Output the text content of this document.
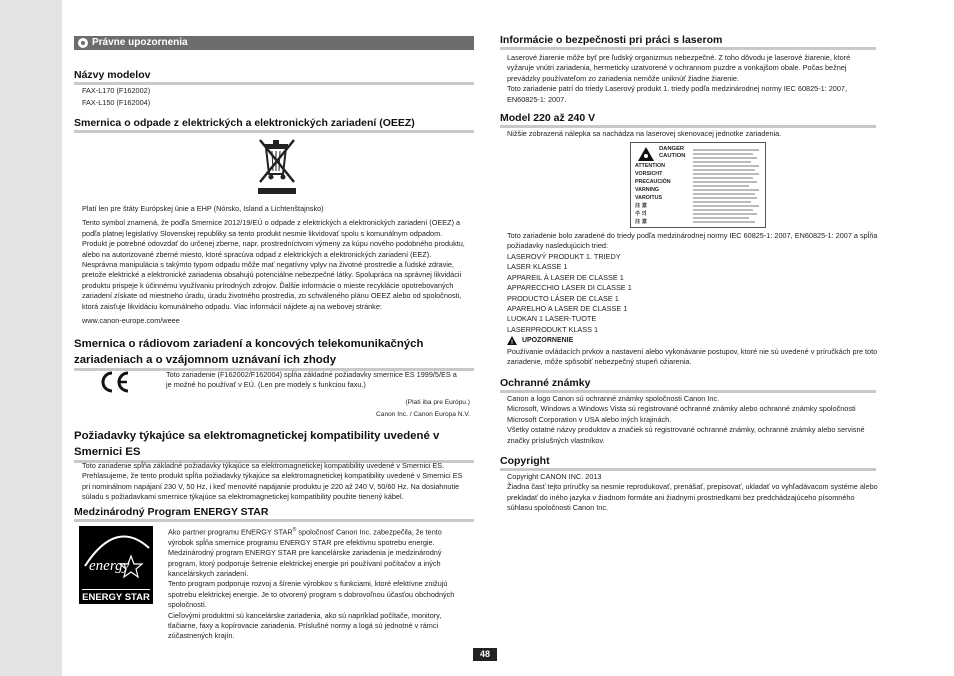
Právne upozornenia
Názvy modelov
FAX-L170 (F162002)
FAX-L150 (F162004)
Smernica o odpade z elektrických a elektronických zariadení (OEEZ)

Platí len pre štáty Európskej únie a EHP (Nórsko, Island a Lichtenštajnsko)

Tento symbol znamená, že podľa Smernice 2012/19/EÚ o odpade z elektrických a elektronických zariadení (OEEZ) a podľa platnej legislatívy Slovenskej republiky sa tento produkt nesmie likvidovať spolu s komunálnym odpadom. Produkt je potrebné odovzdať do určenej zberne, napr. prostredníctvom výmeny za kúpu nového podobného produktu, alebo na autorizované zberné miesto, ktoré spracúva odpad z elektrických a elektronických zariadení (EEZ).

Nesprávna manipulácia s takýmto typom odpadu môže mať negatívny vplyv na životné prostredie a ľudské zdravie, pretože elektrické a elektronické zariadenia obsahujú potenciálne nebezpečné látky. Spolupráca na správnej likvidácii produktu prispeje k účinnému využívaniu prírodných zdrojov. Ďalšie informácie o mieste recyklácie opotrebovaných zariadení získate od miestneho úradu, úradu životného prostredia, zo schváleného plánu OEEZ alebo od spoločnosti, ktorá zaisťuje likvidáciu komunálneho odpadu. Viac informácií nájdete aj na webovej stránke:

www.canon-europe.com/weee

Smernica o rádiovom zariadení a koncových telekomunikačných zariadeniach a o vzájomnom uznávaní ich zhody
Toto zariadenie (F162002/F162004) spĺňa základné požiadavky smernice ES 1999/5/ES a je možné ho používať v EÚ. (Len pre modely s funkciou faxu.)
(Platí iba pre Európu.)
Canon Inc. / Canon Europa N.V.
Požiadavky týkajúce sa elektromagnetickej kompatibility uvedené v Smernici ES
Toto zariadenie spĺňa základné požiadavky týkajúce sa elektromagnetickej kompatibility uvedené v Smernici ES. Prehlasujeme, že tento produkt spĺňa požiadavky týkajúce sa elektromagnetickej kompatibility uvedené v Smernici ES pri nominálnom napájaní 230 V, 50 Hz, i keď menovité napájanie produktu je 220 až 240 V, 50/60 Hz. Na dosiahnutie súladu s požiadavkami smernice týkajúce sa elektromagnetickej kompatibility použite tienený kábel.
Medzinárodný Program ENERGY STAR
energy
ENERGY STAR

Ako partner programu ENERGY STAR® spoločnosť Canon Inc. zabezpečila, že tento výrobok spĺňa smernice programu ENERGY STAR pre efektívnu spotrebu energie.

Medzinárodný program ENERGY STAR pre kancelárske zariadenia je medzinárodný program, ktorý podporuje šetrenie elektrickej energie pri používaní počítačov a iných kancelárskych zariadení.

Tento program podporuje rozvoj a šírenie výrobkov s funkciami, ktoré efektívne znižujú spotrebu elektrickej energie. Je to otvorený program s dobrovoľnou účasťou obchodných spoločností.

Cieľovými produktmi sú kancelárske zariadenia, ako sú napríklad počítače, monitory, tlačiarne, faxy a kopírovacie zariadenia. Príslušné normy a logá sú jednotné v rámci zúčastnených krajín.

Informácie o bezpečnosti pri práci s laserom

Laserové žiarenie môže byť pre ľudský organizmus nebezpečné. Z toho dôvodu je laserové žiarenie, ktoré vyžaruje vnútri zariadenia, hermeticky uzatvorené v ochrannom puzdre a vonkajšom obale. Počas bežnej prevádzky používateľom zo zariadenia nemôže uniknúť žiadne žiarenie.

Toto zariadenie patrí do triedy Laserový produkt 1. triedy podľa medzinárodnej normy IEC 60825-1: 2007, EN60825-1: 2007.

Model 220 až 240 V
Nižšie zobrazená nálepka sa nachádza na laserovej skenovacej jednotke zariadenia.
DANGER
CAUTION
ATTENTION
VORSICHT
PRECAUCIÓN
VARNING
VAROITUS
注 意
주 의
注 意
Toto zariadenie bolo zaradené do triedy podľa medzinárodnej normy IEC 60825-1: 2007, EN60825-1: 2007 a spĺňa požiadavky nasledujúcich tried:
LASEROVÝ PRODUKT 1. TRIEDY
LASER KLASSE 1
APPAREIL À LASER DE CLASSE 1
APPARECCHIO LASER DI CLASSE 1
PRODUCTO LÁSER DE CLASE 1
APARELHO A LASER DE CLASSE 1
LUOKAN 1 LASER-TUOTE
LASERPRODUKT KLASS 1
! UPOZORNENIE
Používanie ovládacích prvkov a nastavení alebo vykonávanie postupov, ktoré nie sú uvedené v príručkách pre toto zariadenie, môže spôsobiť nebezpečný stupeň ožiarenia.
Ochranné známky

Canon a logo Canon sú ochranné známky spoločnosti Canon Inc.

Microsoft, Windows a Windows Vista sú registrované ochranné známky alebo ochranné známky spoločnosti Microsoft Corporation v USA alebo iných krajinách.

Všetky ostatné názvy produktov a značiek sú registrované ochranné známky, ochranné známky alebo servisné značky príslušných vlastníkov.

Copyright

Copyright CANON INC. 2013

Žiadna časť tejto príručky sa nesmie reprodukovať, prenášať, prepisovať, ukladať vo vyhľadávacom systéme alebo prekladať do iného jazyka v žiadnom formáte ani žiadnymi prostriedkami bez predchádzajúceho písomného súhlasu spoločnosti Canon Inc.

48
